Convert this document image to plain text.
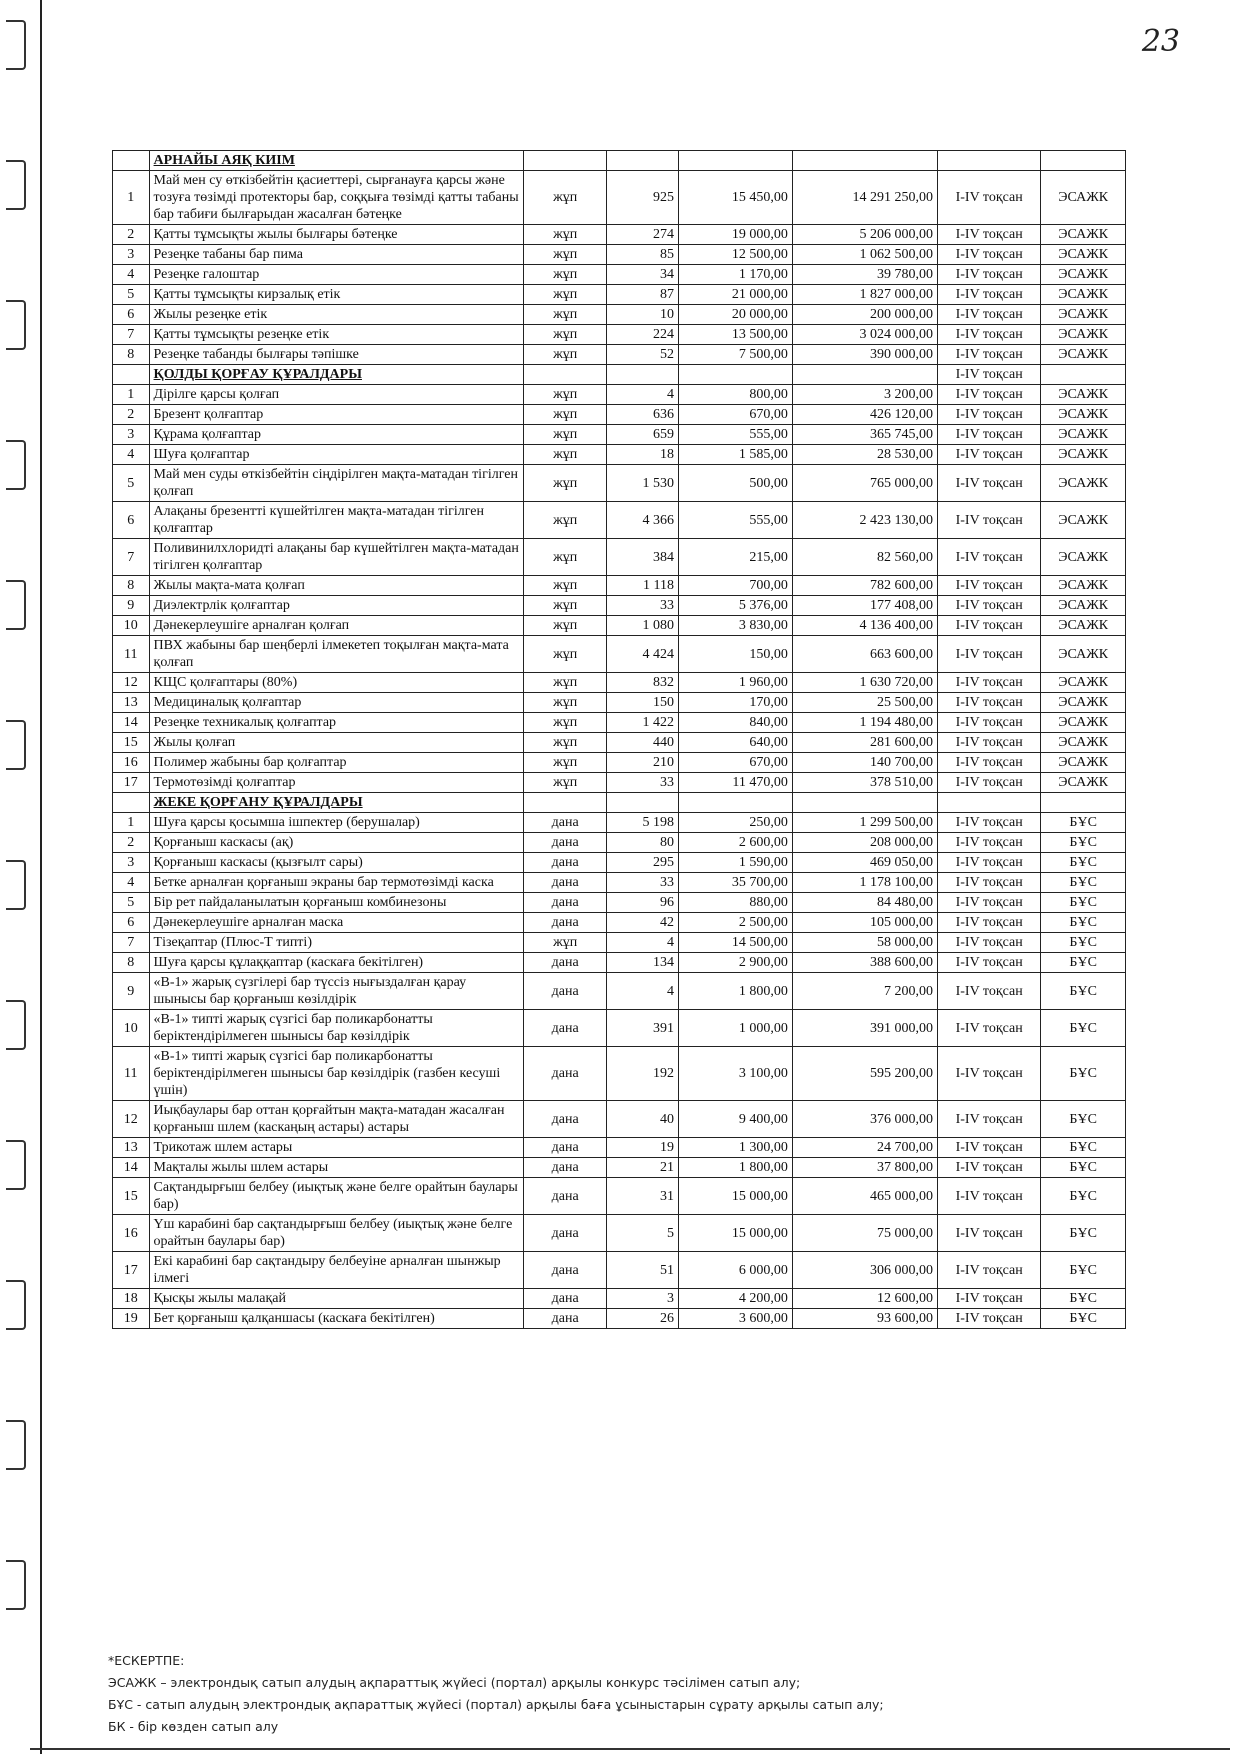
23
	АРНАЙЫ АЯҚ КИІМ						
1	Май мен су өткізбейтін қасиеттері, сырғанауға қарсы және тозуға төзімді протекторы бар, соққыға төзімді қатты табаны бар табиғи былғарыдан жасалған бәтеңке	жұп	925	15 450,00	14 291 250,00	І-ІV тоқсан	ЭСАЖК
2	Қатты тұмсықты жылы былғары бәтеңке	жұп	274	19 000,00	5 206 000,00	І-ІV тоқсан	ЭСАЖК
3	Резеңке табаны бар пима	жұп	85	12 500,00	1 062 500,00	І-ІV тоқсан	ЭСАЖК
4	Резеңке галоштар	жұп	34	1 170,00	39 780,00	І-ІV тоқсан	ЭСАЖК
5	Қатты тұмсықты кирзалық етік	жұп	87	21 000,00	1 827 000,00	І-ІV тоқсан	ЭСАЖК
6	Жылы резеңке етік	жұп	10	20 000,00	200 000,00	І-ІV тоқсан	ЭСАЖК
7	Қатты тұмсықты резеңке етік	жұп	224	13 500,00	3 024 000,00	І-ІV тоқсан	ЭСАЖК
8	Резеңке табанды былғары тәпішке	жұп	52	7 500,00	390 000,00	І-ІV тоқсан	ЭСАЖК
	ҚОЛДЫ ҚОРҒАУ ҚҰРАЛДАРЫ					І-ІV тоқсан	
1	Дірілге қарсы қолғап	жұп	4	800,00	3 200,00	І-ІV тоқсан	ЭСАЖК
2	Брезент қолғаптар	жұп	636	670,00	426 120,00	І-ІV тоқсан	ЭСАЖК
3	Құрама қолғаптар	жұп	659	555,00	365 745,00	І-ІV тоқсан	ЭСАЖК
4	Шуға қолғаптар	жұп	18	1 585,00	28 530,00	І-ІV тоқсан	ЭСАЖК
5	Май мен суды өткізбейтін сіңдірілген мақта-матадан тігілген қолғап	жұп	1 530	500,00	765 000,00	І-ІV тоқсан	ЭСАЖК
6	Алақаны брезентті күшейтілген мақта-матадан тігілген қолғаптар	жұп	4 366	555,00	2 423 130,00	І-ІV тоқсан	ЭСАЖК
7	Поливинилхлоридті алақаны бар күшейтілген мақта-матадан тігілген қолғаптар	жұп	384	215,00	82 560,00	І-ІV тоқсан	ЭСАЖК
8	Жылы мақта-мата қолғап	жұп	1 118	700,00	782 600,00	І-ІV тоқсан	ЭСАЖК
9	Диэлектрлік қолғаптар	жұп	33	5 376,00	177 408,00	І-ІV тоқсан	ЭСАЖК
10	Дәнекерлеушіге арналған қолғап	жұп	1 080	3 830,00	4 136 400,00	І-ІV тоқсан	ЭСАЖК
11	ПВХ жабыны бар шеңберлі ілмекетеп тоқылған мақта-мата қолғап	жұп	4 424	150,00	663 600,00	І-ІV тоқсан	ЭСАЖК
12	КЩС қолғаптары (80%)	жұп	832	1 960,00	1 630 720,00	І-ІV тоқсан	ЭСАЖК
13	Медициналық қолғаптар	жұп	150	170,00	25 500,00	І-ІV тоқсан	ЭСАЖК
14	Резеңке техникалық қолғаптар	жұп	1 422	840,00	1 194 480,00	І-ІV тоқсан	ЭСАЖК
15	Жылы қолғап	жұп	440	640,00	281 600,00	І-ІV тоқсан	ЭСАЖК
16	Полимер жабыны бар қолғаптар	жұп	210	670,00	140 700,00	І-ІV тоқсан	ЭСАЖК
17	Термотөзімді қолғаптар	жұп	33	11 470,00	378 510,00	І-ІV тоқсан	ЭСАЖК
	ЖЕКЕ ҚОРҒАНУ ҚҰРАЛДАРЫ						
1	Шуға қарсы қосымша ішпектер (берушалар)	дана	5 198	250,00	1 299 500,00	І-ІV тоқсан	БҰС
2	Қорғаныш каскасы (ақ)	дана	80	2 600,00	208 000,00	І-ІV тоқсан	БҰС
3	Қорғаныш каскасы (қызғылт сары)	дана	295	1 590,00	469 050,00	І-ІV тоқсан	БҰС
4	Бетке арналған қорғаныш экраны бар термотөзімді каска	дана	33	35 700,00	1 178 100,00	І-ІV тоқсан	БҰС
5	Бір рет пайдаланылатын қорғаныш комбинезоны	дана	96	880,00	84 480,00	І-ІV тоқсан	БҰС
6	Дәнекерлеушіге арналған маска	дана	42	2 500,00	105 000,00	І-ІV тоқсан	БҰС
7	Тізеқаптар (Плюс-Т типті)	жұп	4	14 500,00	58 000,00	І-ІV тоқсан	БҰС
8	Шуға қарсы құлаққаптар (каскаға бекітілген)	дана	134	2 900,00	388 600,00	І-ІV тоқсан	БҰС
9	«В-1» жарық сүзгілері бар түссіз нығыздалған қарау шынысы бар қорғаныш көзілдірік	дана	4	1 800,00	7 200,00	І-ІV тоқсан	БҰС
10	«В-1» типті жарық сүзгісі бар поликарбонатты беріктендірілмеген шынысы бар көзілдірік	дана	391	1 000,00	391 000,00	І-ІV тоқсан	БҰС
11	«В-1» типті жарық сүзгісі бар поликарбонатты беріктендірілмеген шынысы бар көзілдірік (газбен кесуші үшін)	дана	192	3 100,00	595 200,00	І-ІV тоқсан	БҰС
12	Иықбаулары бар оттан қорғайтын мақта-матадан жасалған қорғаныш шлем (каскаңың астары) астары	дана	40	9 400,00	376 000,00	І-ІV тоқсан	БҰС
13	Трикотаж шлем астары	дана	19	1 300,00	24 700,00	І-ІV тоқсан	БҰС
14	Мақталы жылы шлем астары	дана	21	1 800,00	37 800,00	І-ІV тоқсан	БҰС
15	Сақтандырғыш белбеу (иықтық және белге орайтын баулары бар)	дана	31	15 000,00	465 000,00	І-ІV тоқсан	БҰС
16	Үш карабині бар сақтандырғыш белбеу (иықтық және белге орайтын баулары бар)	дана	5	15 000,00	75 000,00	І-ІV тоқсан	БҰС
17	Екі карабині бар сақтандыру белбеуіне арналған шынжыр ілмегі	дана	51	6 000,00	306 000,00	І-ІV тоқсан	БҰС
18	Қысқы жылы малақай	дана	3	4 200,00	12 600,00	І-ІV тоқсан	БҰС
19	Бет қорғаныш қалқаншасы (каскаға бекітілген)	дана	26	3 600,00	93 600,00	І-ІV тоқсан	БҰС
*ЕСКЕРТПЕ:
ЭСАЖК – электрондық сатып алудың ақпараттық жүйесі (портал) арқылы конкурс тәсілімен сатып алу;
БҰС - сатып алудың электрондық ақпараттық жүйесі (портал) арқылы баға ұсыныстарын сұрату арқылы сатып алу;
БК - бір көзден сатып алу
